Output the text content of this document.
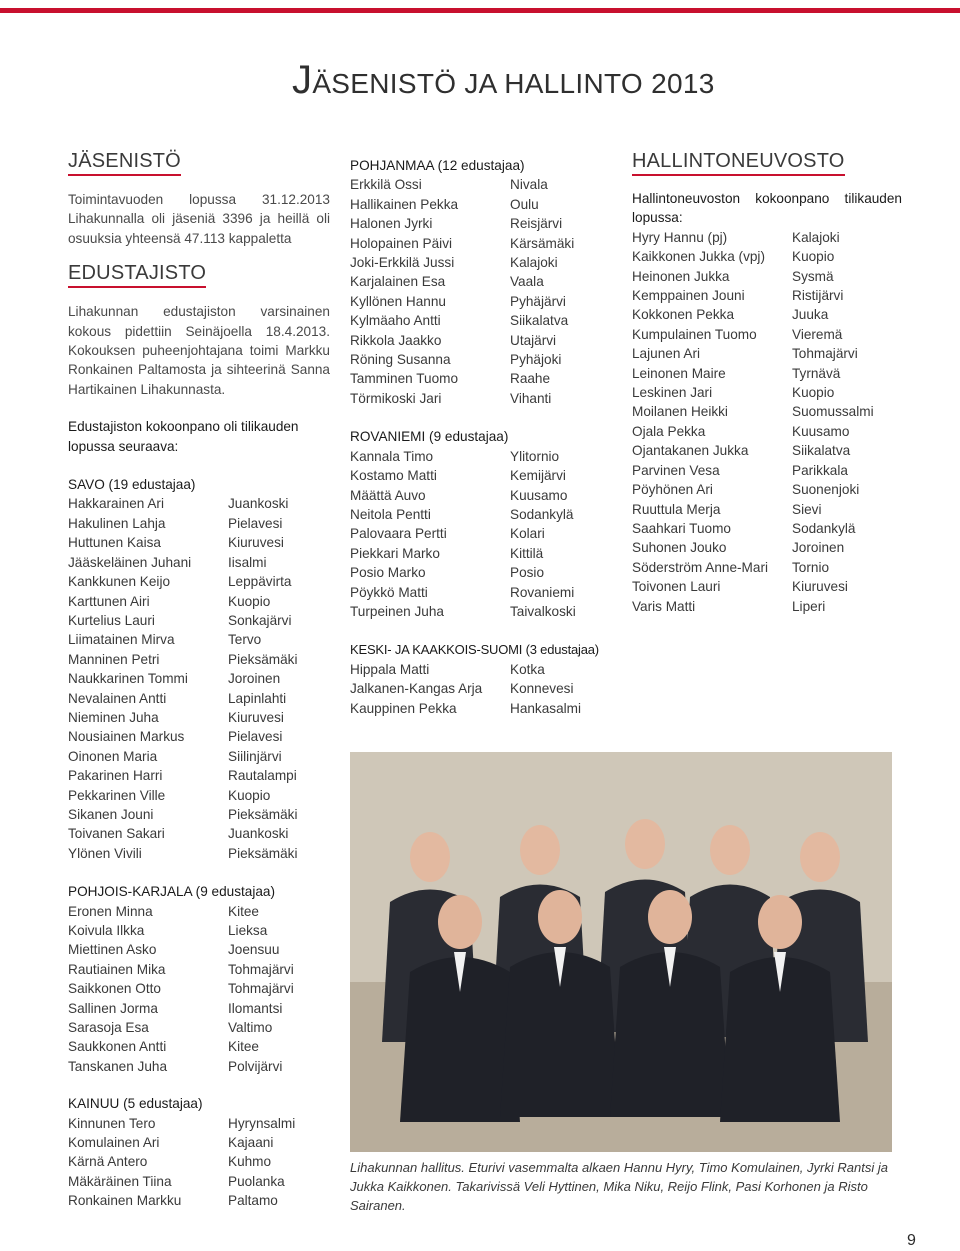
JÄSENISTÖ JA HALLINTO 2013
JÄSENISTÖ

Toimintavuoden lopussa 31.12.2013 Lihakunnalla oli jäseniä 3396 ja heillä oli osuuksia yhteensä 47.113 kappaletta

EDUSTAJISTO

Lihakunnan edustajiston varsinainen kokous pidettiin Seinäjoella 18.4.2013. Kokouksen puheenjohtajana toimi Markku Ronkainen Paltamosta ja sihteerinä Sanna Hartikainen Lihakunnasta.

Edustajiston kokoonpano oli tilikauden lopussa seuraava:

SAVO (19 edustajaa)

Hakkarainen Ari	Juankoski
Hakulinen Lahja	Pielavesi
Huttunen Kaisa	Kiuruvesi
Jääskeläinen Juhani	Iisalmi
Kankkunen Keijo	Leppävirta
Karttunen Airi	Kuopio
Kurtelius Lauri	Sonkajärvi
Liimatainen Mirva	Tervo
Manninen Petri	Pieksämäki
Naukkarinen Tommi	Joroinen
Nevalainen Antti	Lapinlahti
Nieminen Juha	Kiuruvesi
Nousiainen Markus	Pielavesi
Oinonen Maria	Siilinjärvi
Pakarinen Harri	Rautalampi
Pekkarinen Ville	Kuopio
Sikanen Jouni	Pieksämäki
Toivanen Sakari	Juankoski
Ylönen Vivili	Pieksämäki

POHJOIS-KARJALA (9 edustajaa)

Eronen Minna	Kitee
Koivula Ilkka	Lieksa
Miettinen Asko	Joensuu
Rautiainen Mika	Tohmajärvi
Saikkonen Otto	Tohmajärvi
Sallinen Jorma	Ilomantsi
Sarasoja Esa	Valtimo
Saukkonen Antti	Kitee
Tanskanen Juha	Polvijärvi

KAINUU (5 edustajaa)

Kinnunen Tero	Hyrynsalmi
Komulainen Ari	Kajaani
Kärnä Antero	Kuhmo
Mäkäräinen Tiina	Puolanka
Ronkainen Markku	Paltamo

POHJANMAA (12 edustajaa)

Erkkilä Ossi	Nivala
Hallikainen Pekka	Oulu
Halonen Jyrki	Reisjärvi
Holopainen Päivi	Kärsämäki
Joki-Erkkilä Jussi	Kalajoki
Karjalainen Esa	Vaala
Kyllönen Hannu	Pyhäjärvi
Kylmäaho Antti	Siikalatva
Rikkola Jaakko	Utajärvi
Röning Susanna	Pyhäjoki
Tamminen Tuomo	Raahe
Törmikoski Jari	Vihanti

ROVANIEMI (9 edustajaa)

Kannala Timo	Ylitornio
Kostamo Matti	Kemijärvi
Määttä Auvo	Kuusamo
Neitola Pentti	Sodankylä
Palovaara Pertti	Kolari
Piekkari Marko	Kittilä
Posio Marko	Posio
Pöykkö Matti	Rovaniemi
Turpeinen Juha	Taivalkoski

KESKI- JA KAAKKOIS-SUOMI (3 edustajaa)

Hippala Matti	Kotka
Jalkanen-Kangas Arja	Konnevesi
Kauppinen Pekka	Hankasalmi
HALLINTONEUVOSTO

Hallintoneuvoston kokoonpano tilikauden lopussa:

Hyry Hannu (pj)	Kalajoki
Kaikkonen Jukka (vpj)	Kuopio
Heinonen Jukka	Sysmä
Kemppainen Jouni	Ristijärvi
Kokkonen Pekka	Juuka
Kumpulainen Tuomo	Vieremä
Lajunen Ari	Tohmajärvi
Leinonen Maire	Tyrnävä
Leskinen Jari	Kuopio
Moilanen Heikki	Suomussalmi
Ojala Pekka	Kuusamo
Ojantakanen Jukka	Siikalatva
Parvinen Vesa	Parikkala
Pöyhönen Ari	Suonenjoki
Ruuttula Merja	Sievi
Saahkari Tuomo	Sodankylä
Suhonen Jouko	Joroinen
Söderström Anne-Mari	Tornio
Toivonen Lauri	Kiuruvesi
Varis Matti	Liperi

Lihakunnan hallitus. Eturivi vasemmalta alkaen Hannu Hyry, Timo Komulainen, Jyrki Rantsi ja Jukka Kaikkonen. Takarivissä Veli Hyttinen, Mika Niku, Reijo Flink, Pasi Korhonen ja Risto Sairanen.

9
